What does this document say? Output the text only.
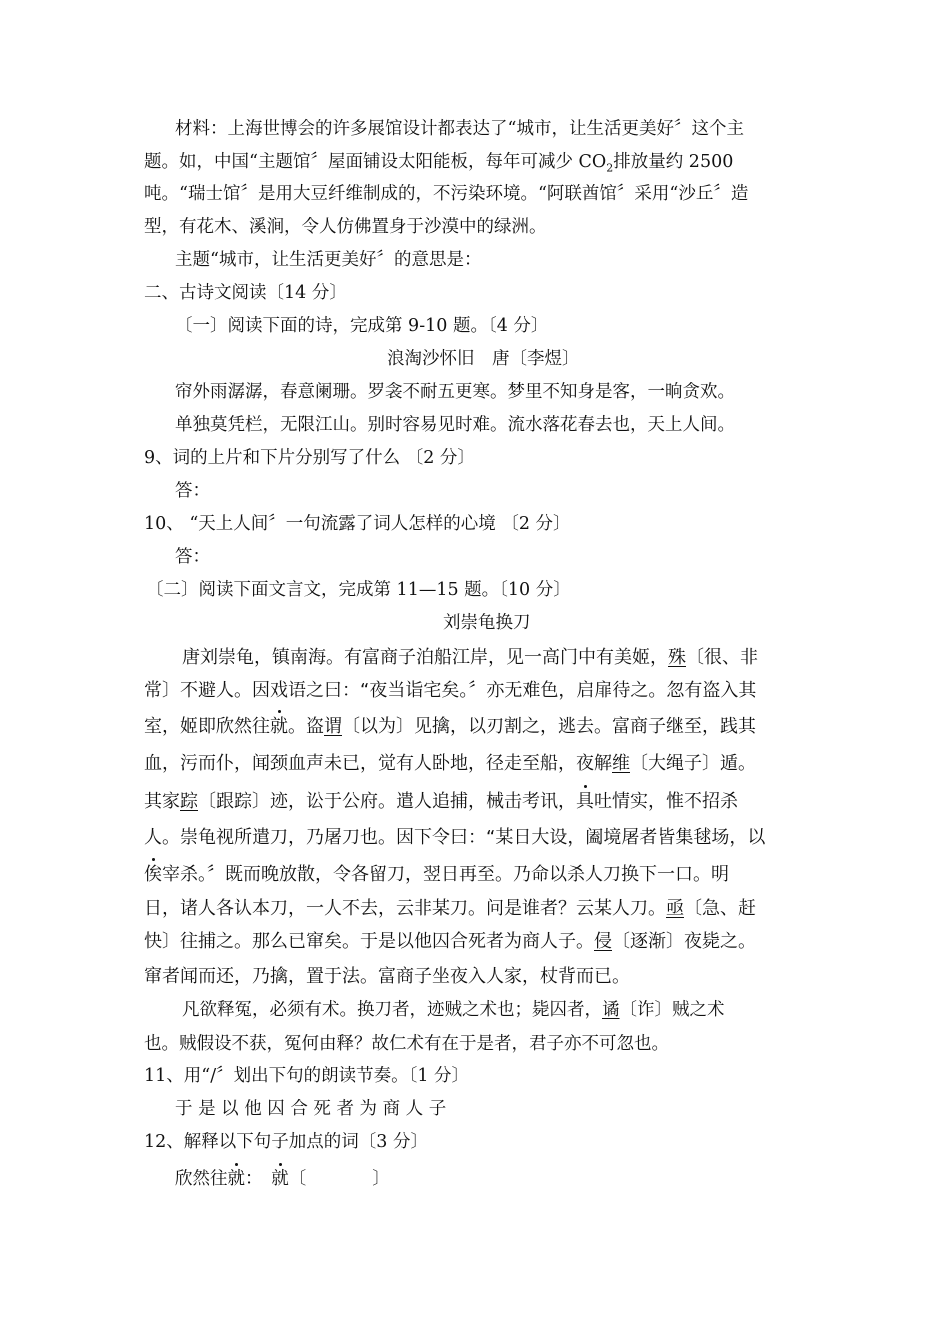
材料：上海世博会的许多展馆设计都表达了“城市，让生活更美好〞这个主
题。如，中国“主题馆〞屋面铺设太阳能板，每年可减少 $CO_2$排放量约 2500
吨。“瑞士馆〞是用大豆纤维制成的，不污染环境。“阿联酋馆〞采用“沙丘〞造
型，有花木、溪涧，令人仿佛置身于沙漠中的绿洲。
主题“城市，让生活更美好〞的意思是：
二、古诗文阅读〔14 分〕
〔一〕阅读下面的诗，完成第 9-10 题。〔4 分〕
浪淘沙怀旧　唐〔李煜〕
帘外雨潺潺，春意阑珊。罗衾不耐五更寒。梦里不知身是客，一晌贪欢。
单独莫凭栏，无限江山。别时容易见时难。流水落花春去也，天上人间。
9、词的上片和下片分别写了什么 〔2 分〕
答：
10、 “天上人间〞一句流露了词人怎样的心境 〔2 分〕
答：
〔二〕阅读下面文言文，完成第 11—15 题。〔10 分〕
刘崇龟换刀
唐刘崇龟，镇南海。有富商子泊船江岸，见一高门中有美姬，殊〔很、非
常〕不避人。因戏语之曰：“夜当诣宅矣。〞亦无难色，启扉待之。忽有盗入其
室，姬即欣然往就。盗谓〔以为〕见擒，以刃割之，逃去。富商子继至，践其
血，污而仆，闻颈血声未已，觉有人卧地，径走至船，夜解维〔大绳子〕遁。
其家踪〔跟踪〕迹，讼于公府。遣人追捕，械击考讯，具吐情实，惟不招杀
人。崇龟视所遣刀，乃屠刀也。因下令曰：“某日大设，阖境屠者皆集毬场，以
俟宰杀。〞既而晚放散，令各留刀，翌日再至。乃命以杀人刀换下一口。明
日，诸人各认本刀，一人不去，云非某刀。问是谁者？云某人刀。亟〔急、赶
快〕往捕之。那么已窜矣。于是以他囚合死者为商人子。侵〔逐渐〕夜毙之。
窜者闻而还，乃擒，置于法。富商子坐夜入人家，杖背而已。
凡欲释冤，必须有术。换刀者，迹贼之术也；毙囚者，谲〔诈〕贼之术
也。贼假设不获，冤何由释？故仁术有在于是者，君子亦不可忽也。
11、用“/〞划出下句的朗读节奏。〔1 分〕
于 是 以 他 囚 合 死 者 为 商 人 子
12、解释以下句子加点的词〔3 分〕
欣然往就：　就〔	〕
